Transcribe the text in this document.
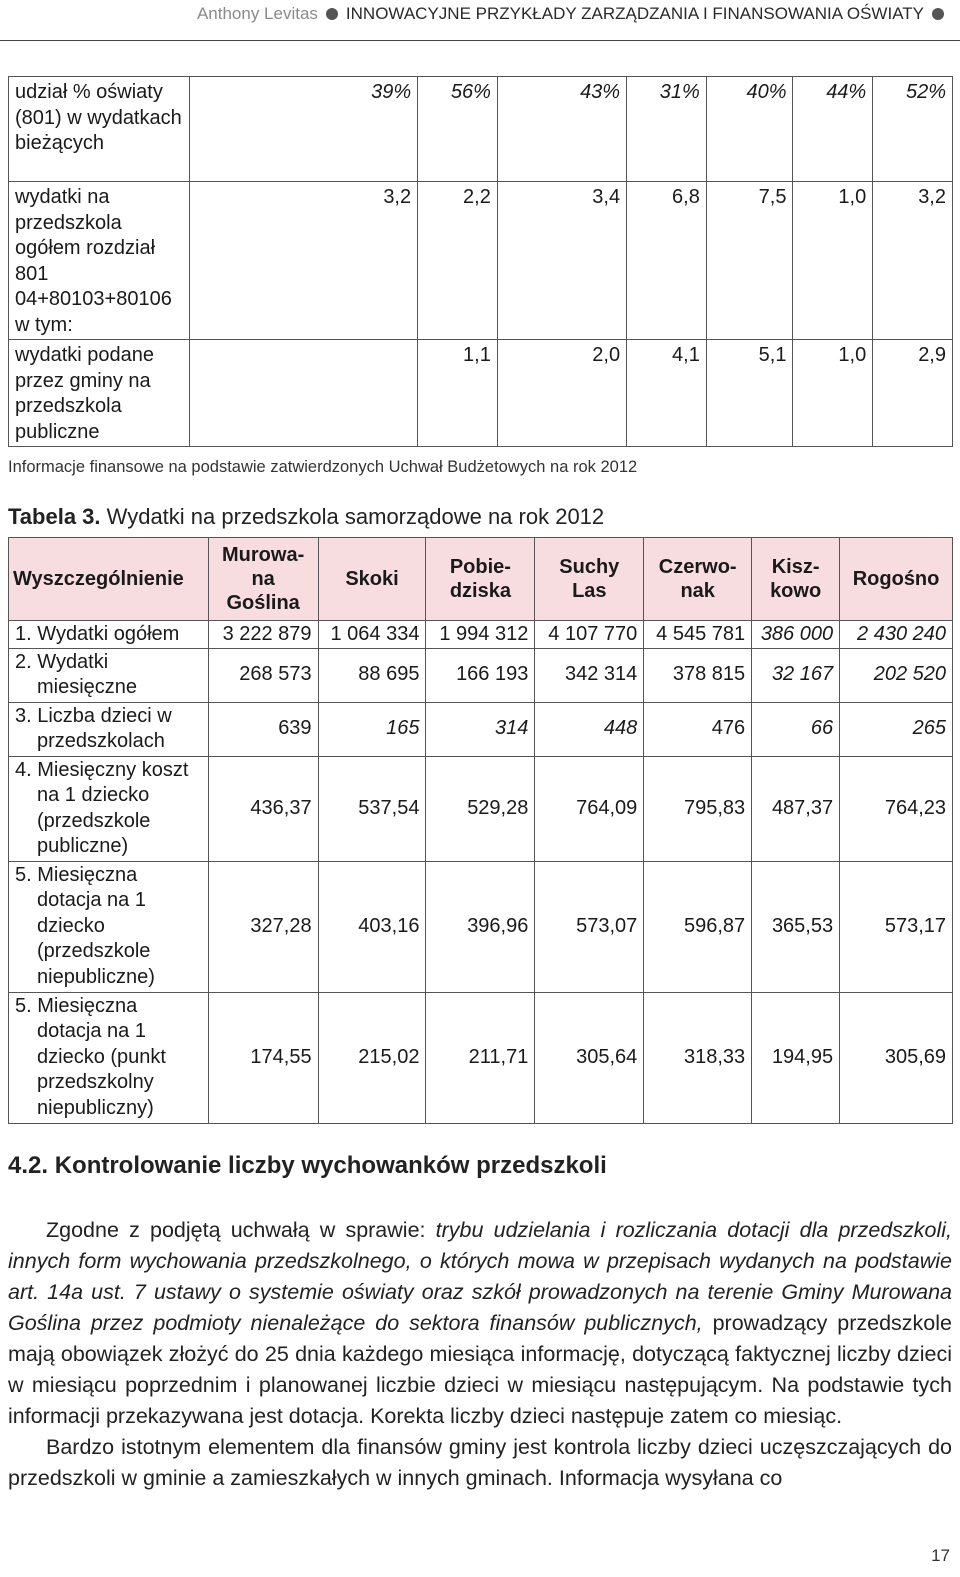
Anthony Levitas INNOWACYJNE PRZYKŁADY ZARZĄDZANIA I FINANSOWANIA OŚWIATY
udział % oświaty (801) w wydatkach bieżących	39%	56%	43%	31%	40%	44%	52%
wydatki na przedszkola ogółem rozdział 801 04+80103+80106 w tym:	3,2	2,2	3,4	6,8	7,5	1,0	3,2
wydatki podane przez gminy na przedszkola publiczne		1,1	2,0	4,1	5,1	1,0	2,9
Informacje finansowe na podstawie zatwierdzonych Uchwał Budżetowych na rok 2012
Tabela 3. Wydatki na przedszkola samorządowe na rok 2012
Wyszczególnienie	Murowa-na Goślina	Skoki	Pobie-dziska	Suchy Las	Czerwo-nak	Kisz-kowo	Rogośno

1. Wydatki ogółem	3 222 879	1 064 334	1 994 312	4 107 770	4 545 781	386 000	2 430 240

2. Wydatki miesięczne	268 573	88 695	166 193	342 314	378 815	32 167	202 520

3. Liczba dzieci w przedszkolach	639	165	314	448	476	66	265

4. Miesięczny koszt na 1 dziecko (przedszkole publiczne)	436,37	537,54	529,28	764,09	795,83	487,37	764,23

5. Miesięczna dotacja na 1 dziecko (przedszkole niepubliczne)	327,28	403,16	396,96	573,07	596,87	365,53	573,17

5. Miesięczna dotacja na 1 dziecko (punkt przedszkolny niepubliczny)	174,55	215,02	211,71	305,64	318,33	194,95	305,69
4.2. Kontrolowanie liczby wychowanków przedszkoli

Zgodne z podjętą uchwałą w sprawie: trybu udzielania i rozliczania dotacji dla przedszkoli, innych form wychowania przedszkolnego, o których mowa w przepisach wydanych na podstawie art. 14a ust. 7 ustawy o systemie oświaty oraz szkół prowadzonych na terenie Gminy Murowana Goślina przez podmioty nienależące do sektora finansów publicznych, prowadzący przedszkole mają obowiązek złożyć do 25 dnia każdego miesiąca informację, dotyczącą faktycznej liczby dzieci w miesiącu poprzednim i planowanej liczbie dzieci w miesiącu następującym. Na podstawie tych informacji przekazywana jest dotacja. Korekta liczby dzieci następuje zatem co miesiąc.

Bardzo istotnym elementem dla finansów gminy jest kontrola liczby dzieci uczęszczających do przedszkoli w gminie a zamieszkałych w innych gminach. Informacja wysyłana co

17
